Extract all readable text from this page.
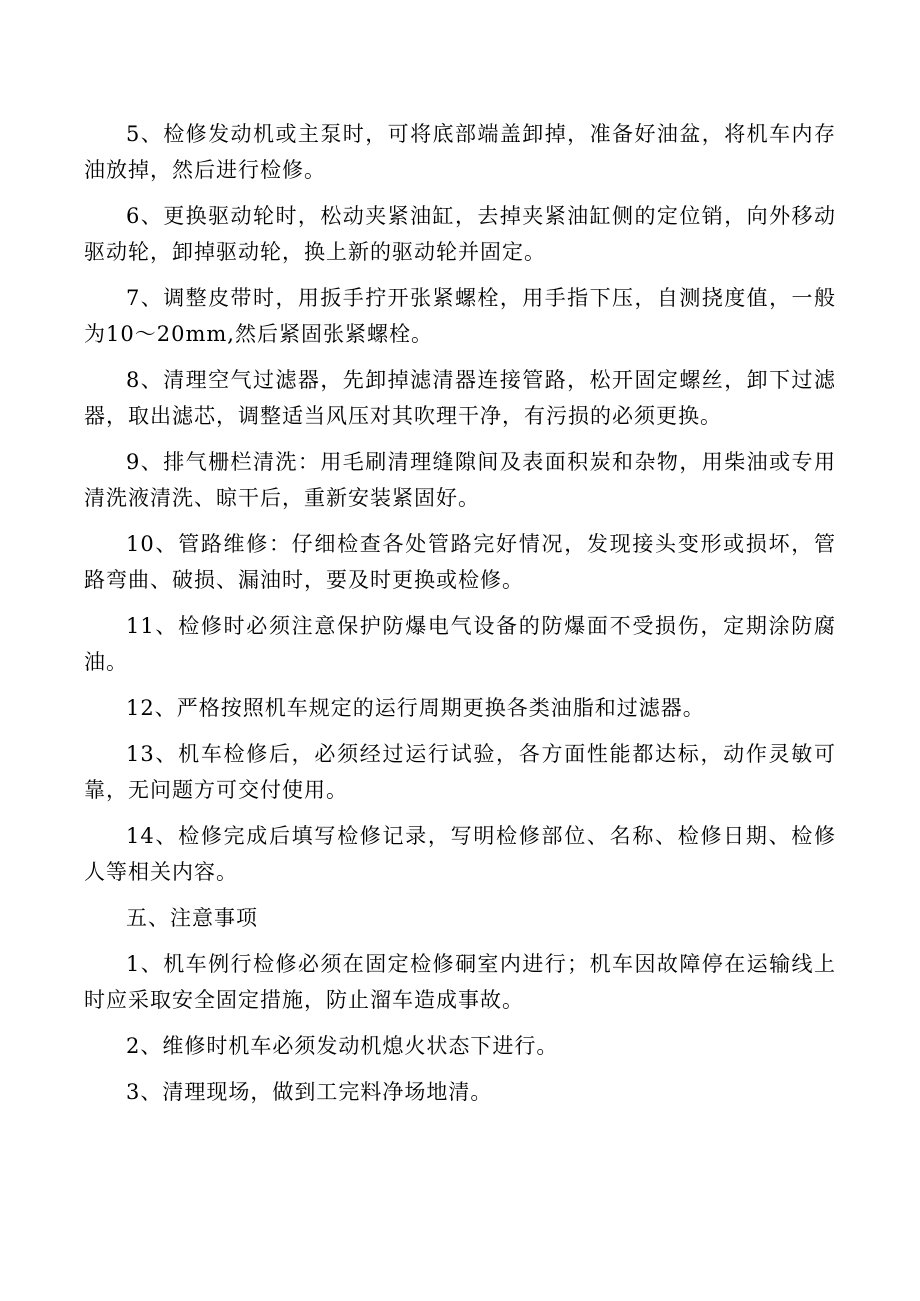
5、检修发动机或主泵时，可将底部端盖卸掉，准备好油盆，将机车内存油放掉，然后进行检修。

6、更换驱动轮时，松动夹紧油缸，去掉夹紧油缸侧的定位销，向外移动驱动轮，卸掉驱动轮，换上新的驱动轮并固定。

7、调整皮带时，用扳手拧开张紧螺栓，用手指下压，自测挠度值，一般为10～20mm,然后紧固张紧螺栓。

8、清理空气过滤器，先卸掉滤清器连接管路，松开固定螺丝，卸下过滤器，取出滤芯，调整适当风压对其吹理干净，有污损的必须更换。

9、排气栅栏清洗：用毛刷清理缝隙间及表面积炭和杂物，用柴油或专用清洗液清洗、晾干后，重新安装紧固好。

10、管路维修：仔细检查各处管路完好情况，发现接头变形或损坏，管路弯曲、破损、漏油时，要及时更换或检修。

11、检修时必须注意保护防爆电气设备的防爆面不受损伤，定期涂防腐油。

12、严格按照机车规定的运行周期更换各类油脂和过滤器。

13、机车检修后，必须经过运行试验，各方面性能都达标，动作灵敏可靠，无问题方可交付使用。

14、检修完成后填写检修记录，写明检修部位、名称、检修日期、检修人等相关内容。

五、注意事项

1、机车例行检修必须在固定检修硐室内进行；机车因故障停在运输线上时应采取安全固定措施，防止溜车造成事故。

2、维修时机车必须发动机熄火状态下进行。

3、清理现场，做到工完料净场地清。
